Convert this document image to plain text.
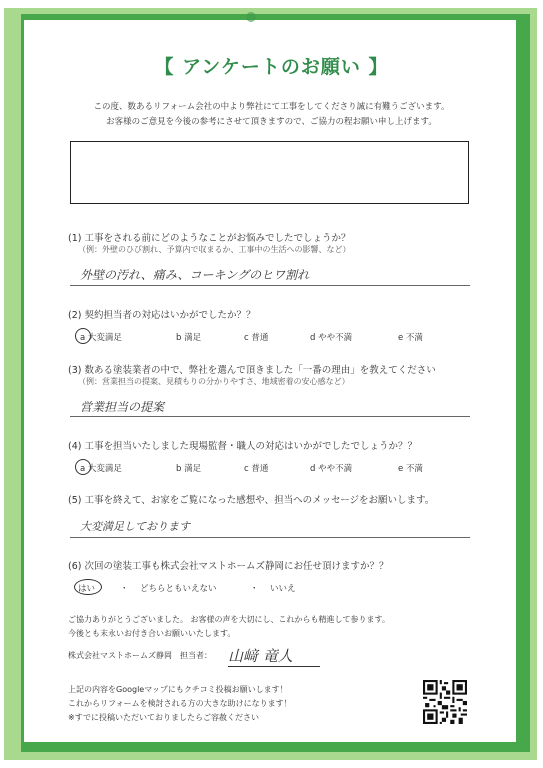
【 アンケートのお願い 】
この度、数あるリフォーム会社の中より弊社にて工事をしてくださり誠に有難うございます。
お客様のご意見を今後の参考にさせて頂きますので、ご協力の程お願い申し上げます。
(1) 工事をされる前にどのようなことがお悩みでしたでしょうか？
（例：外壁のひび割れ、予算内で収まるか、工事中の生活への影響、など）
外壁の汚れ、痛み、コーキングのヒワ割れ
(2) 契約担当者の対応はいかがでしたか？？
a 大変満足	b 満足	c 普通	d やや不満	e 不満
(3) 数ある塗装業者の中で、弊社を選んで頂きました「一番の理由」を教えてください
（例：営業担当の提案、見積もりの分かりやすさ、地域密着の安心感など）
営業担当の提案
(4) 工事を担当いたしました現場監督・職人の対応はいかがでしたでしょうか？？
a 大変満足	b 満足	c 普通	d やや不満	e 不満
(5) 工事を終えて、お家をご覧になった感想や、担当へのメッセージをお願いします。
大変満足しております
(6) 次回の塗装工事も株式会社マストホームズ静岡にお任せ頂けますか？？
はい	・ どちらともいえない	・ いいえ
ご協力ありがとうございました。 お客様の声を大切にし、これからも精進して参ります。
今後とも末永いお付き合いお願いいたします。
株式会社マストホームズ静岡　担当者： 山﨑 竜人
上記の内容をGoogleマップにもクチコミ投稿お願いします！
これからリフォームを検討される方の大きな助けになります！
※すでに投稿いただいておりましたらご容赦ください
